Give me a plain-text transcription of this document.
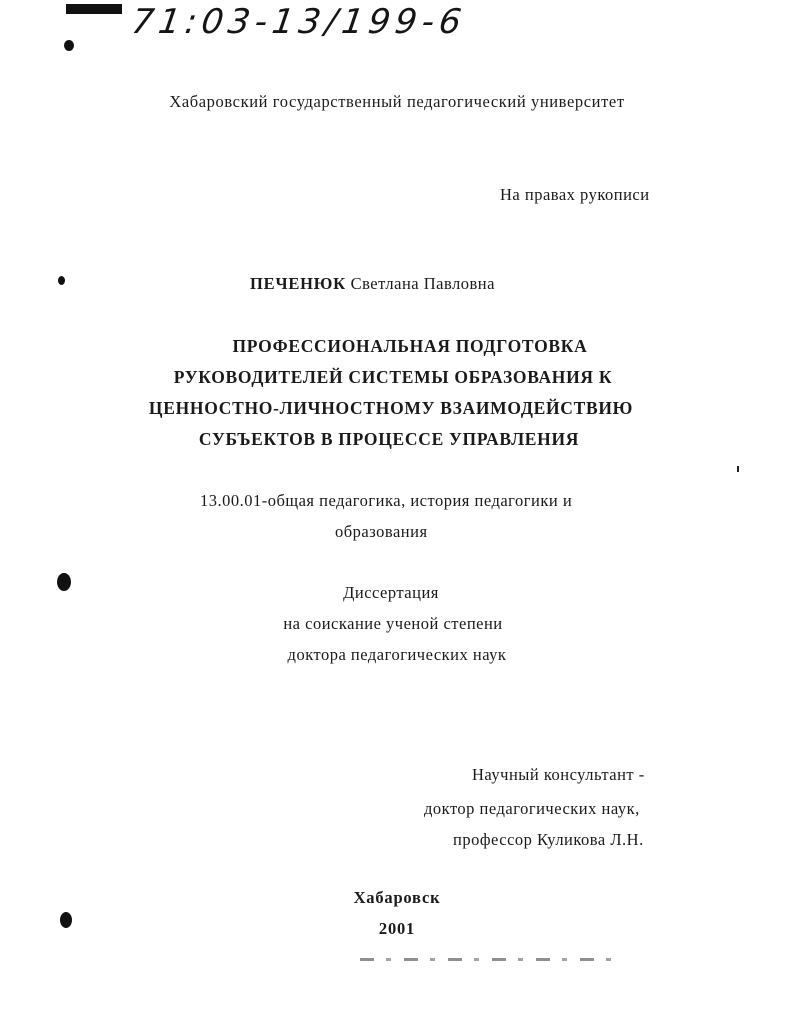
71:03-13/199-6
Хабаровский государственный педагогический университет
На правах рукописи
ПЕЧЕНЮК Светлана Павловна
ПРОФЕССИОНАЛЬНАЯ ПОДГОТОВКА
РУКОВОДИТЕЛЕЙ СИСТЕМЫ ОБРАЗОВАНИЯ К
ЦЕННОСТНО-ЛИЧНОСТНОМУ ВЗАИМОДЕЙСТВИЮ
СУБЪЕКТОВ В ПРОЦЕССЕ УПРАВЛЕНИЯ
13.00.01-общая педагогика, история педагогики и
образования
Диссертация
на соискание ученой степени
доктора педагогических наук
Научный консультант -
доктор педагогических наук,
профессор Куликова Л.Н.
Хабаровск
2001
